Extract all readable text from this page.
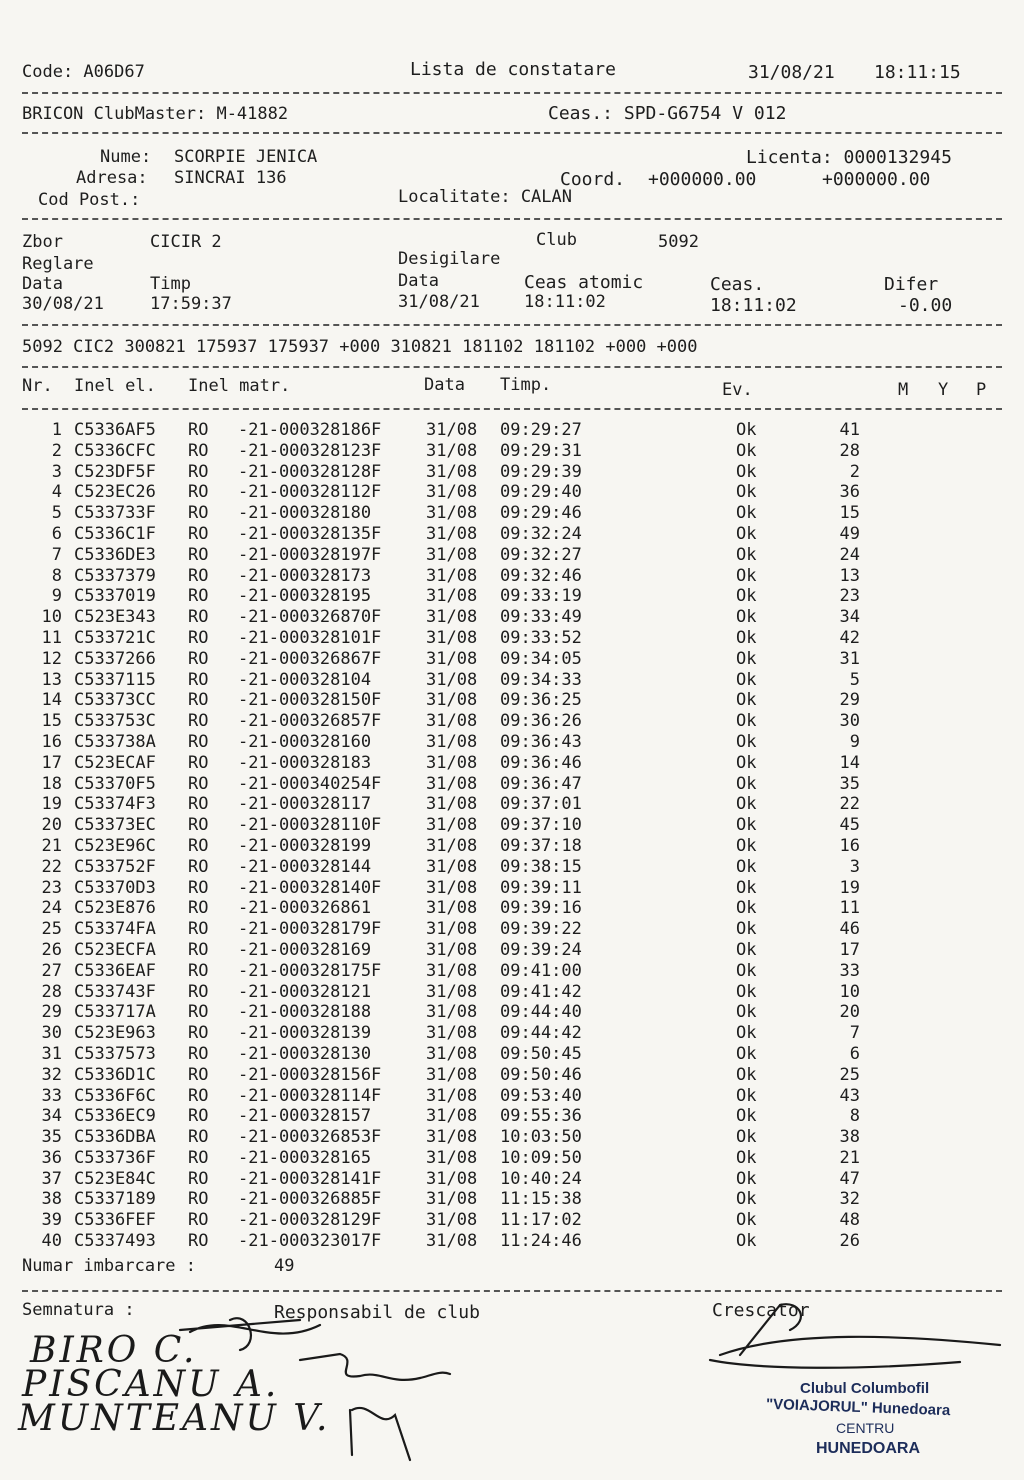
Code: A06D67	Lista de constatare	31/08/21 18:11:15
BRICON ClubMaster: M-41882	Ceas.: SPD-G6754 V 012
Nume: SCORPIE JENICA	Licenta: 0000132945
Adresa: SINCRAI 136	Coord. +000000.00	+000000.00
Cod Post.:	Localitate: CALAN
Zbor	CICIR 2	Club	5092
Reglare	Desigilare
Data	Timp	Data	Ceas atomic	Ceas.	Difer
30/08/21	17:59:37	31/08/21	18:11:02	18:11:02	-0.00
5092 CIC2 300821 175937 175937 +000 310821 181102 181102 +000 +000
Nr. Inel el. Inel matr.	Data Timp.	Ev.	M Y P
1 C5336AF5 RO -21-000328186F	31/08 09:29:27	Ok	41
2 C5336CFC RO -21-000328123F	31/08 09:29:31	Ok	28
3 C523DF5F RO -21-000328128F	31/08 09:29:39	Ok	2
4 C523EC26 RO -21-000328112F	31/08 09:29:40	Ok	36
5 C533733F RO -21-000328180	31/08 09:29:46	Ok	15
6 C5336C1F RO -21-000328135F	31/08 09:32:24	Ok	49
7 C5336DE3 RO -21-000328197F	31/08 09:32:27	Ok	24
8 C5337379 RO -21-000328173	31/08 09:32:46	Ok	13
9 C5337019 RO -21-000328195	31/08 09:33:19	Ok	23
10 C523E343 RO -21-000326870F	31/08 09:33:49	Ok	34
11 C533721C RO -21-000328101F	31/08 09:33:52	Ok	42
12 C5337266 RO -21-000326867F	31/08 09:34:05	Ok	31
13 C5337115 RO -21-000328104	31/08 09:34:33	Ok	5
14 C53373CC RO -21-000328150F	31/08 09:36:25	Ok	29
15 C533753C RO -21-000326857F	31/08 09:36:26	Ok	30
16 C533738A RO -21-000328160	31/08 09:36:43	Ok	9
17 C523ECAF RO -21-000328183	31/08 09:36:46	Ok	14
18 C53370F5 RO -21-000340254F	31/08 09:36:47	Ok	35
19 C53374F3 RO -21-000328117	31/08 09:37:01	Ok	22
20 C53373EC RO -21-000328110F	31/08 09:37:10	Ok	45
21 C523E96C RO -21-000328199	31/08 09:37:18	Ok	16
22 C533752F RO -21-000328144	31/08 09:38:15	Ok	3
23 C53370D3 RO -21-000328140F	31/08 09:39:11	Ok	19
24 C523E876 RO -21-000326861	31/08 09:39:16	Ok	11
25 C53374FA RO -21-000328179F	31/08 09:39:22	Ok	46
26 C523ECFA RO -21-000328169	31/08 09:39:24	Ok	17
27 C5336EAF RO -21-000328175F	31/08 09:41:00	Ok	33
28 C533743F RO -21-000328121	31/08 09:41:42	Ok	10
29 C533717A RO -21-000328188	31/08 09:44:40	Ok	20
30 C523E963 RO -21-000328139	31/08 09:44:42	Ok	7
31 C5337573 RO -21-000328130	31/08 09:50:45	Ok	6
32 C5336D1C RO -21-000328156F	31/08 09:50:46	Ok	25
33 C5336F6C RO -21-000328114F	31/08 09:53:40	Ok	43
34 C5336EC9 RO -21-000328157	31/08 09:55:36	Ok	8
35 C5336DBA RO -21-000326853F	31/08 10:03:50	Ok	38
36 C533736F RO -21-000328165	31/08 10:09:50	Ok	21
37 C523E84C RO -21-000328141F	31/08 10:40:24	Ok	47
38 C5337189 RO -21-000326885F	31/08 11:15:38	Ok	32
39 C5336FEF RO -21-000328129F	31/08 11:17:02	Ok	48
40 C5337493 RO -21-000323017F	31/08 11:24:46	Ok	26
Numar imbarcare :	49
Semnatura :	Responsabil de club	Crescator
BIRO C.
PISCANU A.
MUNTEANU V.
Clubul Columbofil
"VOIAJORUL" Hunedoara
CENTRU
HUNEDOARA
